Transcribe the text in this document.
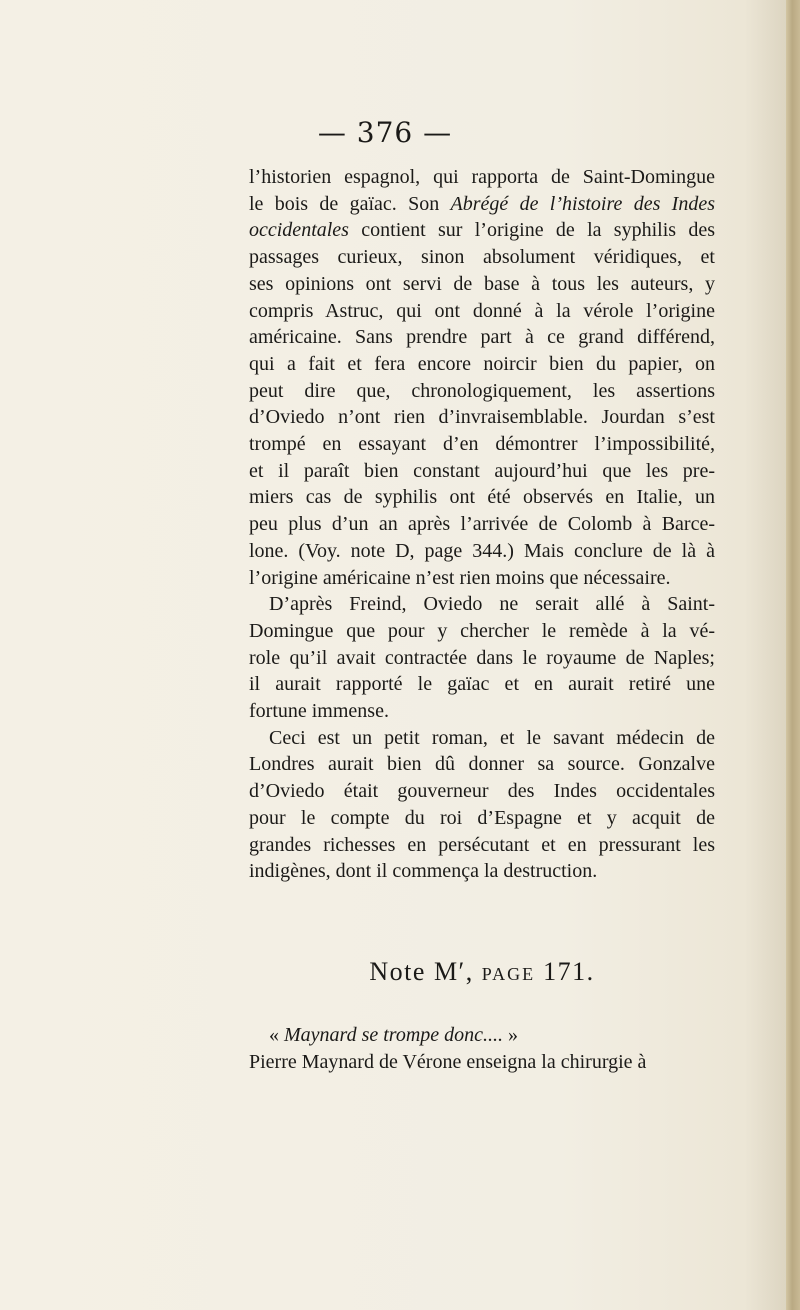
— 376 —
l’historien espagnol, qui rapporta de Saint-Domingue
le bois de gaïac. Son Abrégé de l’histoire des Indes
occidentales contient sur l’origine de la syphilis des
passages curieux, sinon absolument véridiques, et
ses opinions ont servi de base à tous les auteurs, y
compris Astruc, qui ont donné à la vérole l’origine
américaine. Sans prendre part à ce grand différend,
qui a fait et fera encore noircir bien du papier, on
peut dire que, chronologiquement, les assertions
d’Oviedo n’ont rien d’invraisemblable. Jourdan s’est
trompé en essayant d’en démontrer l’impossibilité,
et il paraît bien constant aujourd’hui que les pre-
miers cas de syphilis ont été observés en Italie, un
peu plus d’un an après l’arrivée de Colomb à Barce-
lone. (Voy. note D, page 344.) Mais conclure de là à
l’origine américaine n’est rien moins que nécessaire.
D’après Freind, Oviedo ne serait allé à Saint-
Domingue que pour y chercher le remède à la vé-
role qu’il avait contractée dans le royaume de Naples;
il aurait rapporté le gaïac et en aurait retiré une
fortune immense.
Ceci est un petit roman, et le savant médecin de
Londres aurait bien dû donner sa source. Gonzalve
d’Oviedo était gouverneur des Indes occidentales
pour le compte du roi d’Espagne et y acquit de
grandes richesses en persécutant et en pressurant les
indigènes, dont il commença la destruction.
Note M′, page 171.
« Maynard se trompe donc.... »
Pierre Maynard de Vérone enseigna la chirurgie à
